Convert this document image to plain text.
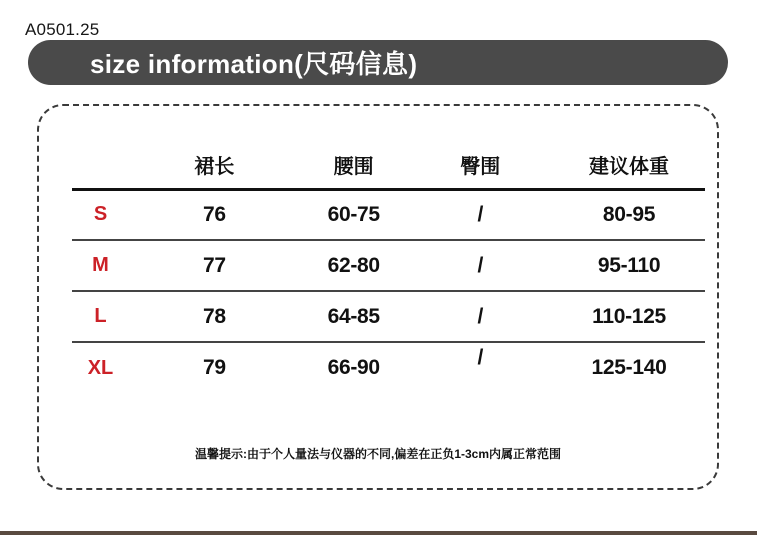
A0501.25
size information(尺码信息)
	裙长	腰围	臀围	建议体重
S	76	60-75	/	80-95
M	77	62-80	/	95-110
L	78	64-85	/	110-125
XL	79	66-90	/	125-140
温馨提示:由于个人量法与仪器的不同,偏差在正负1-3cm内属正常范围
